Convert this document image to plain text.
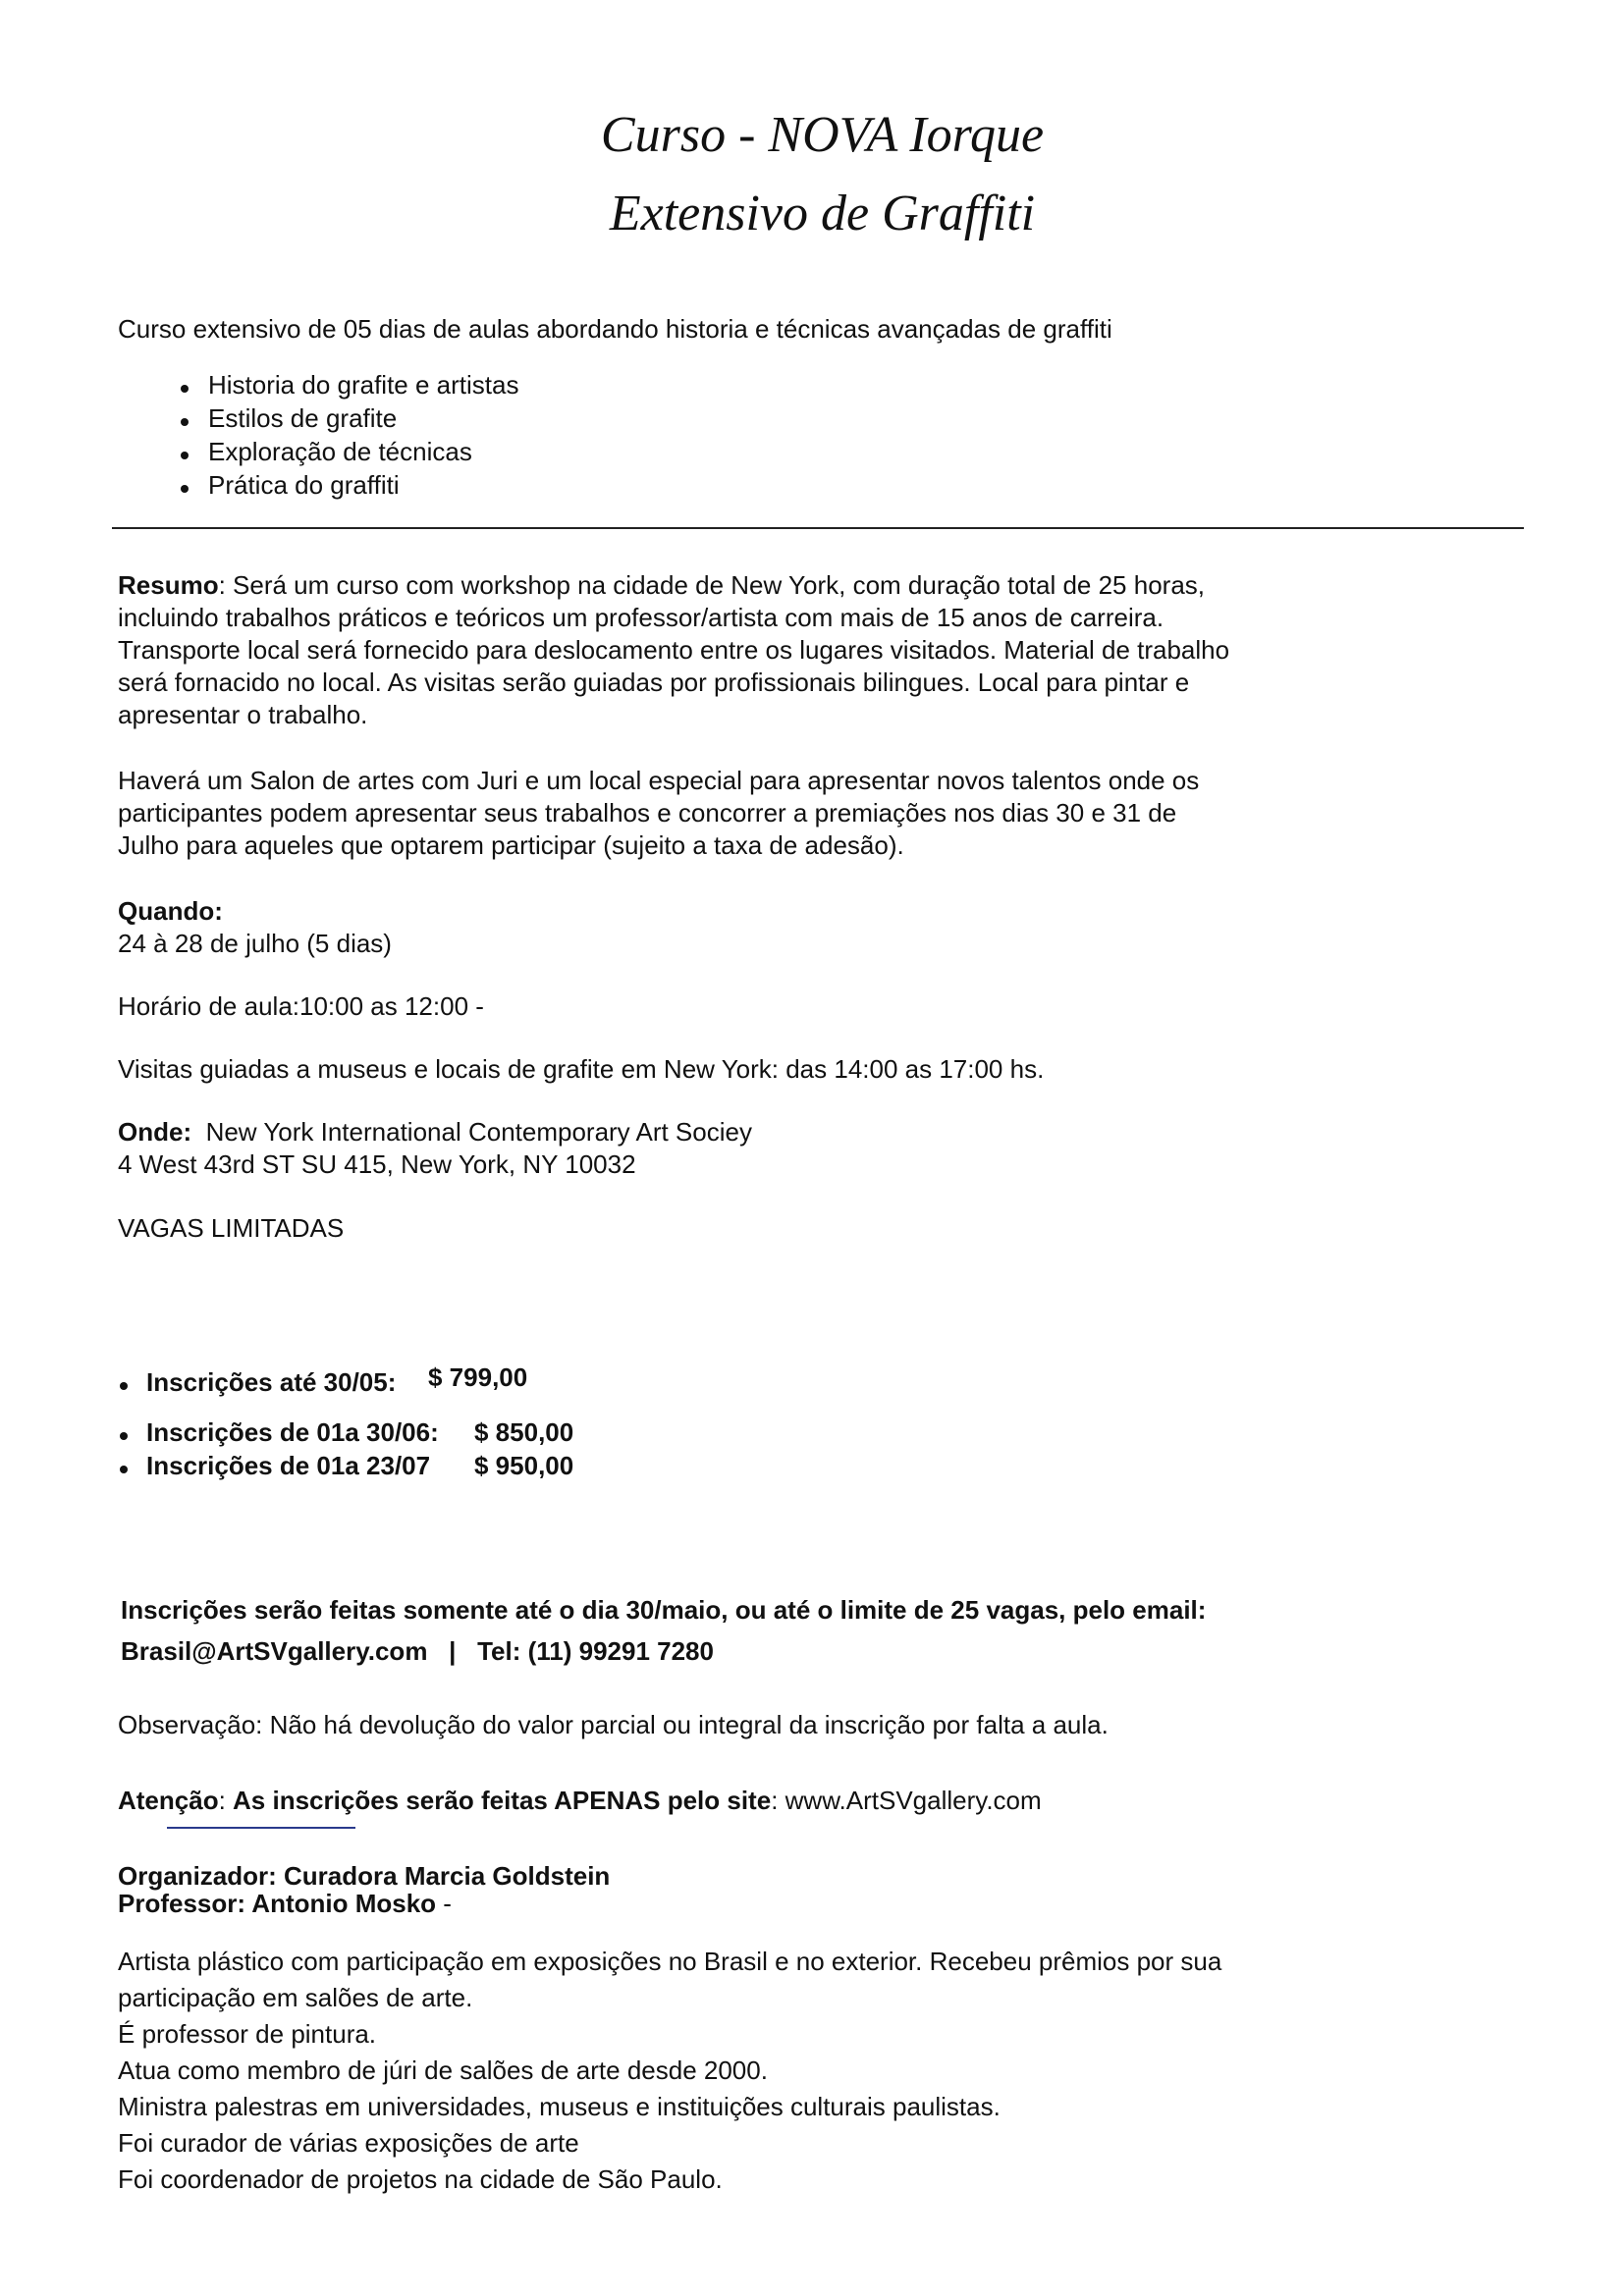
Curso - NOVA Iorque
Extensivo de Graffiti
Curso extensivo de 05 dias de aulas abordando historia e técnicas avançadas de graffiti
Historia do grafite e artistas
Estilos de grafite
Exploração de técnicas
Prática do graffiti
Resumo: Será um curso com workshop na cidade de New York, com duração total de 25 horas,
incluindo trabalhos práticos e teóricos um professor/artista com mais de 15 anos de carreira.
Transporte local será fornecido para deslocamento entre os lugares visitados. Material de trabalho
será fornacido no local. As visitas serão guiadas por profissionais bilingues. Local para pintar e
apresentar o trabalho.
Haverá um Salon de artes com Juri e um local especial para apresentar novos talentos onde os
participantes podem apresentar seus trabalhos e concorrer a premiações nos dias 30 e 31 de
Julho para aqueles que optarem participar (sujeito a taxa de adesão).
Quando:
24 à 28 de julho (5 dias)
Horário de aula:10:00 as 12:00 -
Visitas guiadas a museus e locais de grafite em New York: das 14:00 as 17:00 hs.
Onde: New York International Contemporary Art Sociey
4 West 43rd ST SU 415, New York, NY 10032
VAGAS LIMITADAS
Inscrições até 30/05: $ 799,00
Inscrições de 01a 30/06: $ 850,00
Inscrições de 01a 23/07 $ 950,00
Inscrições serão feitas somente até o dia 30/maio, ou até o limite de 25 vagas, pelo email:
Brasil@ArtSVgallery.com | Tel: (11) 99291 7280
Observação: Não há devolução do valor parcial ou integral da inscrição por falta a aula.
Atenção: As inscrições serão feitas APENAS pelo site: www.ArtSVgallery.com
Organizador: Curadora Marcia Goldstein
Professor: Antonio Mosko -
Artista plástico com participação em exposições no Brasil e no exterior. Recebeu prêmios por sua
participação em salões de arte.
É professor de pintura.
Atua como membro de júri de salões de arte desde 2000.
Ministra palestras em universidades, museus e instituições culturais paulistas.
Foi curador de várias exposições de arte
Foi coordenador de projetos na cidade de São Paulo.
